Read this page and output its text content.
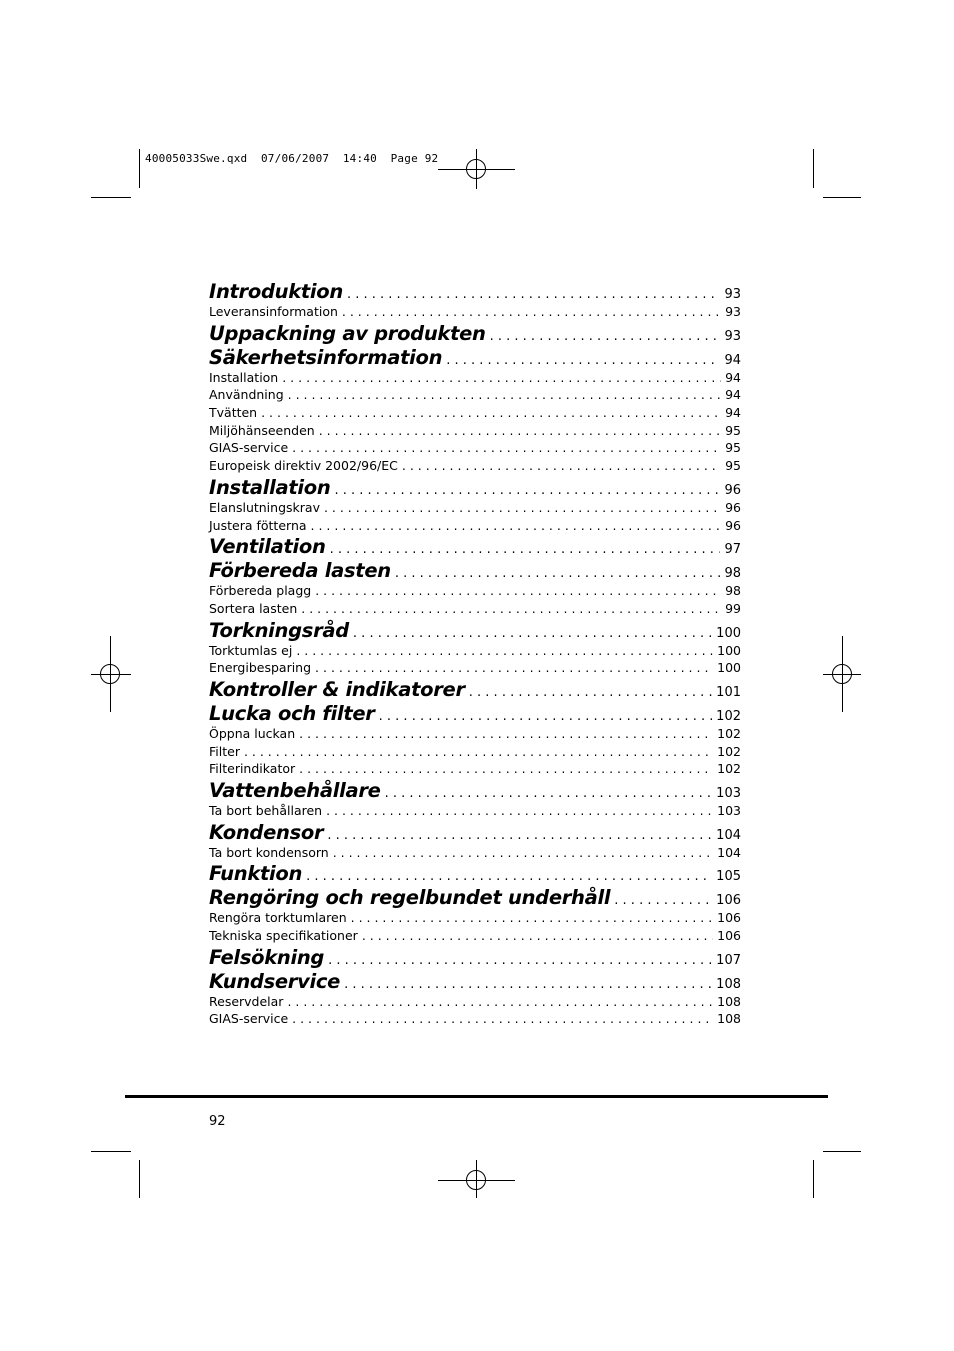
40005033Swe.qxd  07/06/2007  14:40  Page 92
Introduktion . . .	93
Leveransinformation . . .	93
Uppackning av produkten . . .	93
Säkerhetsinformation . . .	94
Installation . . .	94
Användning . . .	94
Tvätten . . .	94
Miljöhänseenden . . .	95
GIAS-service . . .	95
Europeisk direktiv 2002/96/EC . . .	95
Installation . . .	96
Elanslutningskrav . . .	96
Justera fötterna . . .	96
Ventilation . . .	97
Förbereda lasten . . .	98
Förbereda plagg . . .	98
Sortera lasten . . .	99
Torkningsråd . . .	100
Torktumlas ej . . .	100
Energibesparing . . .	100
Kontroller & indikatorer . . .	101
Lucka och filter . . .	102
Öppna luckan . . .	102
Filter . . .	102
Filterindikator . . .	102
Vattenbehållare . . .	103
Ta bort behållaren . . .	103
Kondensor . . .	104
Ta bort kondensorn . . .	104
Funktion . . .	105
Rengöring och regelbundet underhåll . . .	106
Rengöra torktumlaren . . .	106
Tekniska specifikationer . . .	106
Felsökning . . .	107
Kundservice . . .	108
Reservdelar . . .	108
GIAS-service . . .	108
92
